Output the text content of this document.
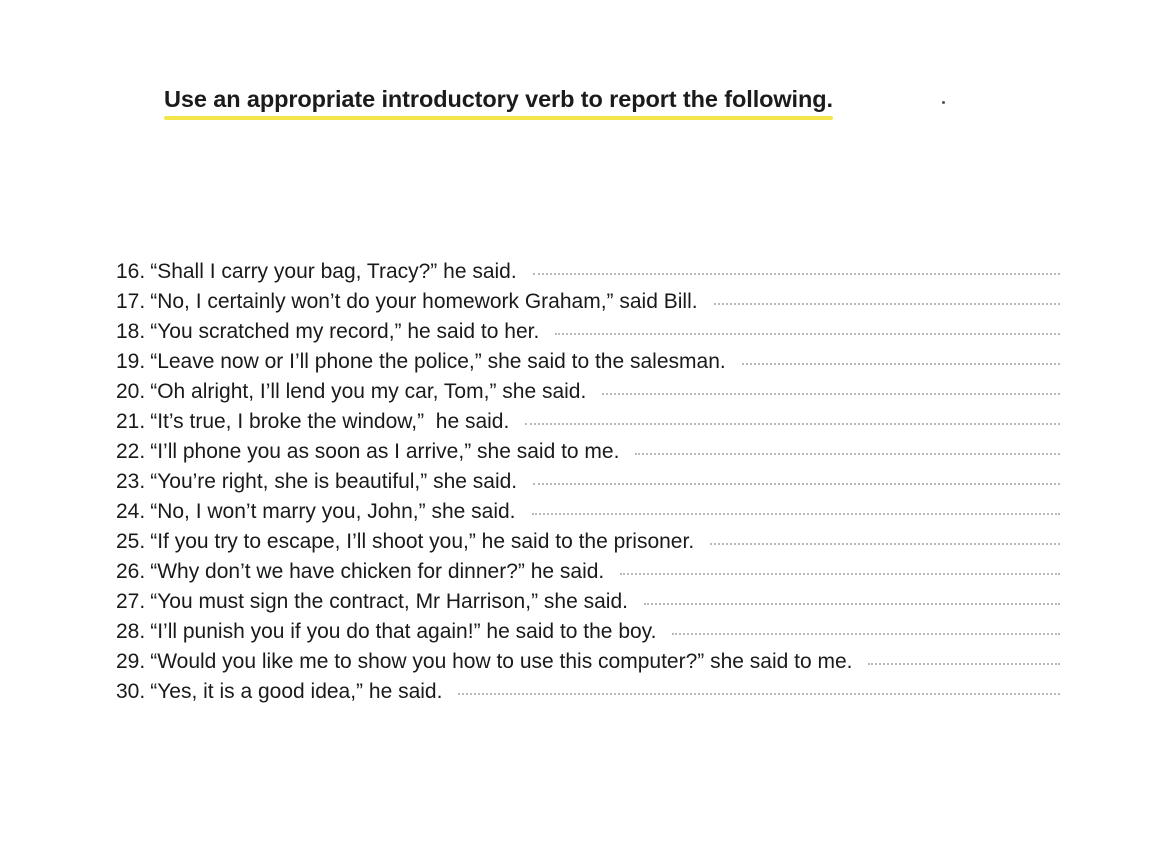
Use an appropriate introductory verb to report the following.
16. “Shall I carry your bag, Tracy?” he said.
17. “No, I certainly won’t do your homework Graham,” said Bill.
18. “You scratched my record,” he said to her.
19. “Leave now or I’ll phone the police,” she said to the salesman.
20. “Oh alright, I’ll lend you my car, Tom,” she said.
21. “It’s true, I broke the window,”  he said.
22. “I’ll phone you as soon as I arrive,” she said to me.
23. “You’re right, she is beautiful,” she said.
24. “No, I won’t marry you, John,” she said.
25. “If you try to escape, I’ll shoot you,” he said to the prisoner.
26. “Why don’t we have chicken for dinner?” he said.
27. “You must sign the contract, Mr Harrison,” she said.
28. “I’ll punish you if you do that again!” he said to the boy.
29. “Would you like me to show you how to use this computer?” she said to me.
30. “Yes, it is a good idea,” he said.
